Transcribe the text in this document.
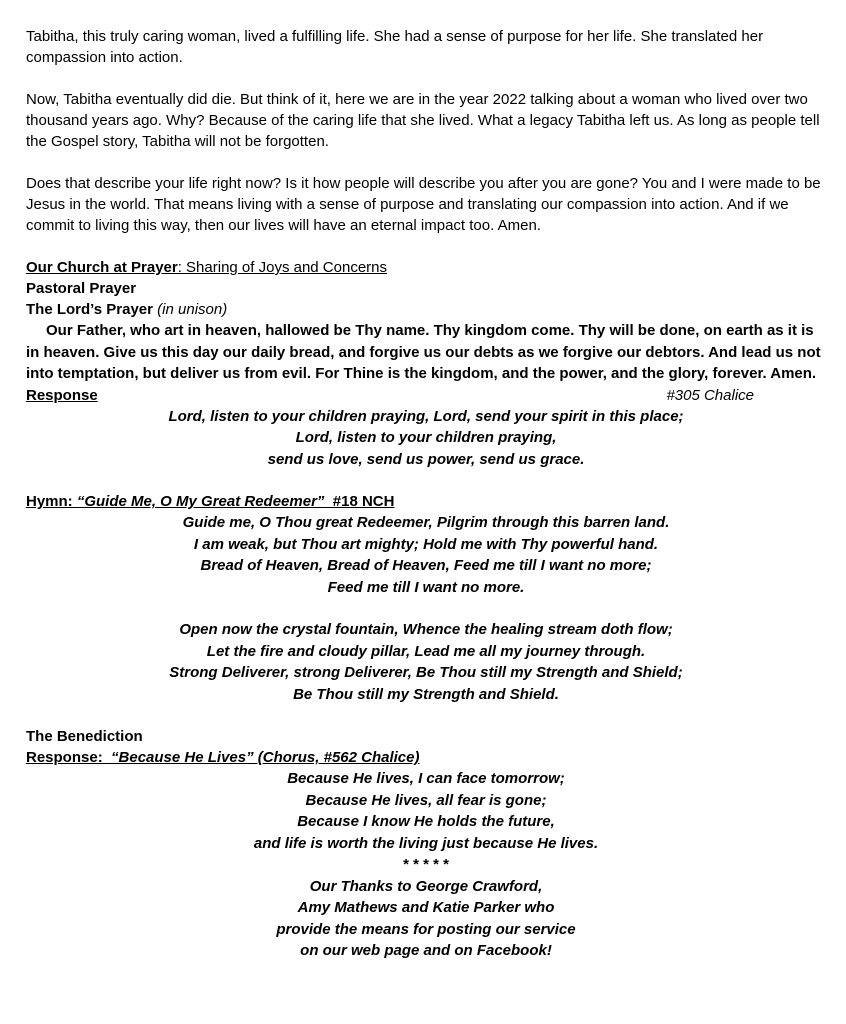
Tabitha, this truly caring woman, lived a fulfilling life. She had a sense of purpose for her life. She translated her compassion into action.

Now, Tabitha eventually did die. But think of it, here we are in the year 2022 talking about a woman who lived over two thousand years ago. Why? Because of the caring life that she lived. What a legacy Tabitha left us. As long as people tell the Gospel story, Tabitha will not be forgotten.

Does that describe your life right now? Is it how people will describe you after you are gone? You and I were made to be Jesus in the world. That means living with a sense of purpose and translating our compassion into action. And if we commit to living this way, then our lives will have an eternal impact too. Amen.

Our Church at Prayer: Sharing of Joys and Concerns

Pastoral Prayer

The Lord’s Prayer (in unison)

Our Father, who art in heaven, hallowed be Thy name. Thy kingdom come. Thy will be done, on earth as it is in heaven. Give us this day our daily bread, and forgive us our debts as we forgive our debtors. And lead us not into temptation, but deliver us from evil. For Thine is the kingdom, and the power, and the glory, forever. Amen.

Response	#305 Chalice

Lord, listen to your children praying, Lord, send your spirit in this place;

Lord, listen to your children praying,

send us love, send us power, send us grace.

Hymn: “Guide Me, O My Great Redeemer”  #18 NCH

Guide me, O Thou great Redeemer, Pilgrim through this barren land.

I am weak, but Thou art mighty; Hold me with Thy powerful hand.

Bread of Heaven, Bread of Heaven, Feed me till I want no more;

Feed me till I want no more.

Open now the crystal fountain, Whence the healing stream doth flow;

Let the fire and cloudy pillar, Lead me all my journey through.

Strong Deliverer, strong Deliverer, Be Thou still my Strength and Shield;

Be Thou still my Strength and Shield.

The Benediction

Response:  “Because He Lives” (Chorus, #562 Chalice)

Because He lives, I can face tomorrow;

Because He lives, all fear is gone;

Because I know He holds the future,

and life is worth the living just because He lives.

* * * * *

Our Thanks to George Crawford,

Amy Mathews and Katie Parker who

provide the means for posting our service

on our web page and on Facebook!
